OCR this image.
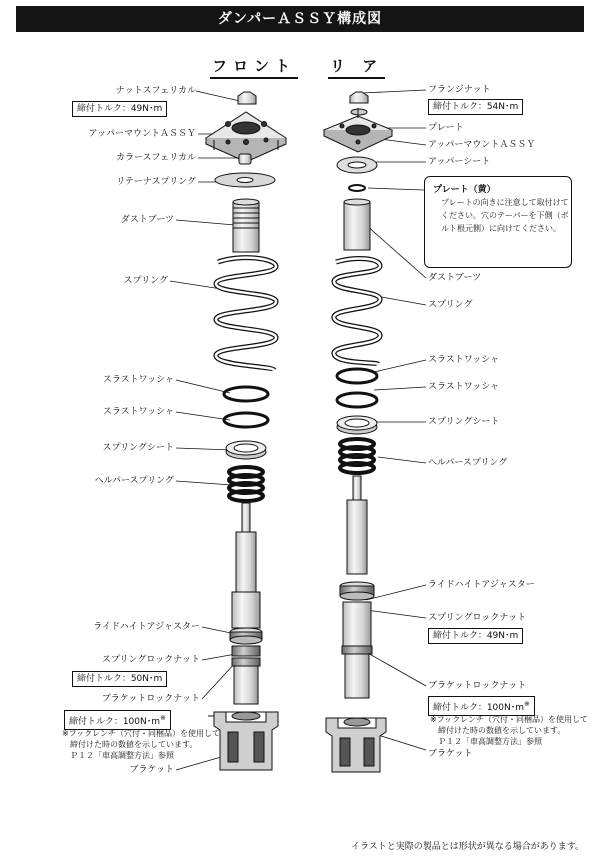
ダンパーＡＳＳＹ構成図
フロント リ ア
ナットスフェリカル
締付トルク：49N･m
アッパーマウントＡＳＳＹ
カラースフェリカル
リテーナスプリング
ダストブーツ
スプリング
スラストワッシャ
スラストワッシャ
スプリングシート
ヘルパースプリング
ライドハイトアジャスター
スプリングロックナット
締付トルク：50N･m
ブラケットロックナット
締付トルク：100N･m※
※フックレンチ（穴付・同梱品）を使用して
締付けた時の数値を示しています。
Ｐ１２「車高調整方法」参照
ブラケット
フランジナット
締付トルク：54N･m
プレート
アッパーマウントＡＳＳＹ
アッパーシート
プレート（黄）
プレートの向きに注意して取付けてください。穴のテーパーを下側（ボルト根元側）に向けてください。
ダストブーツ
スプリング
スラストワッシャ
スラストワッシャ
スプリングシート
ヘルパースプリング
ライドハイトアジャスター
スプリングロックナット
締付トルク：49N･m
ブラケットロックナット
締付トルク：100N･m※
※フックレンチ（穴付・同梱品）を使用して
締付けた時の数値を示しています。
Ｐ１２「車高調整方法」参照
ブラケット
イラストと実際の製品とは形状が異なる場合があります。
